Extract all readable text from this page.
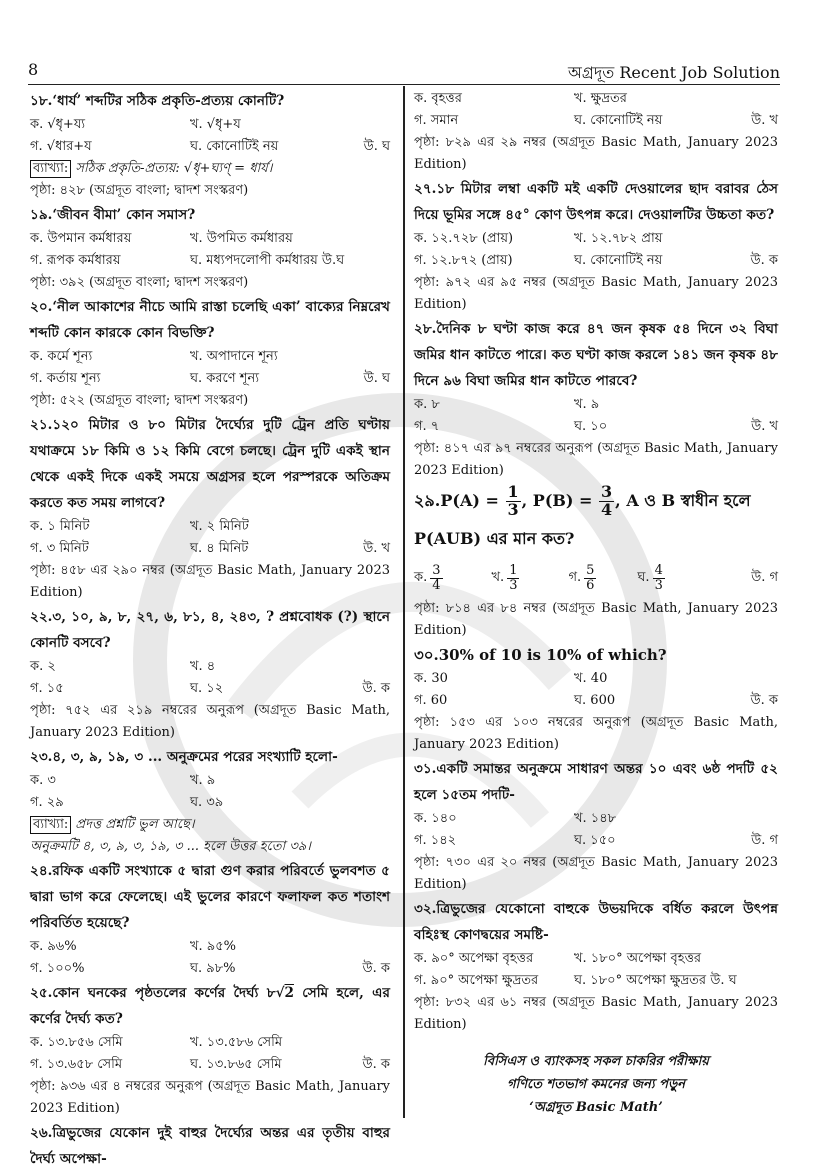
8	অগ্রদূত Recent Job Solution
১৮.‘ধার্য’ শব্দটির সঠিক প্রকৃতি-প্রত্যয় কোনটি?
ক. √ধৃ+য্য	খ. √ধৃ+য
গ. √ধার+য	ঘ. কোনোটিই নয়	উ. ঘ
ব্যাখ্যা: সঠিক প্রকৃতি-প্রত্যয়: √ধৃ+ঘ্যণ্ = ধার্য।
পৃষ্ঠা: ৪২৮ (অগ্রদূত বাংলা; দ্বাদশ সংস্করণ)
১৯.‘জীবন বীমা’ কোন সমাস?
ক. উপমান কর্মধারয়	খ. উপমিত কর্মধারয়
গ. রূপক কর্মধারয়	ঘ. মধ্যপদলোপী কর্মধারয় উ.ঘ
পৃষ্ঠা: ৩৯২ (অগ্রদূত বাংলা; দ্বাদশ সংস্করণ)
২০.‘নীল আকাশের নীচে আমি রাস্তা চলেছি একা’ বাক্যের নিম্নরেখ শব্দটি কোন কারকে কোন বিভক্তি?
ক. কর্মে শূন্য	খ. অপাদানে শূন্য
গ. কর্তায় শূন্য	ঘ. করণে শূন্য	উ. ঘ
পৃষ্ঠা: ৫২২ (অগ্রদূত বাংলা; দ্বাদশ সংস্করণ)
২১.১২০ মিটার ও ৮০ মিটার দৈর্ঘ্যের দুটি ট্রেন প্রতি ঘণ্টায় যথাক্রমে ১৮ কিমি ও ১২ কিমি বেগে চলছে। ট্রেন দুটি একই স্থান থেকে একই দিকে একই সময়ে অগ্রসর হলে পরস্পরকে অতিক্রম করতে কত সময় লাগবে?
ক. ১ মিনিট	খ. ২ মিনিট
গ. ৩ মিনিট	ঘ. ৪ মিনিট	উ. খ
পৃষ্ঠা: ৪৫৮ এর ২৯০ নম্বর (অগ্রদূত Basic Math, January 2023 Edition)
২২.৩, ১০, ৯, ৮, ২৭, ৬, ৮১, ৪, ২৪৩, ? প্রশ্নবোধক (?) স্থানে কোনটি বসবে?
ক. ২	খ. ৪
গ. ১৫	ঘ. ১২	উ. ক
পৃষ্ঠা: ৭৫২ এর ২১৯ নম্বরের অনুরূপ (অগ্রদূত Basic Math, January 2023 Edition)
২৩.৪, ৩, ৯, ১৯, ৩ ... অনুক্রমের পরের সংখ্যাটি হলো-
ক. ৩	খ. ৯
গ. ২৯	ঘ. ৩৯
ব্যাখ্যা: প্রদত্ত প্রশ্নটি ভুল আছে।
অনুক্রমটি ৪, ৩, ৯, ৩, ১৯, ৩ ... হলে উত্তর হতো ৩৯।
২৪.রফিক একটি সংখ্যাকে ৫ দ্বারা গুণ করার পরিবর্তে ভুলবশত ৫ দ্বারা ভাগ করে ফেলেছে। এই ভুলের কারণে ফলাফল কত শতাংশ পরিবর্তিত হয়েছে?
ক. ৯৬%	খ. ৯৫%
গ. ১০০%	ঘ. ৯৮%	উ. ক
২৫.কোন ঘনকের পৃষ্ঠতলের কর্ণের দৈর্ঘ্য ৮√2 সেমি হলে, এর কর্ণের দৈর্ঘ্য কত?
ক. ১৩.৮৫৬ সেমি	খ. ১৩.৫৮৬ সেমি
গ. ১৩.৬৫৮ সেমি	ঘ. ১৩.৮৬৫ সেমি	উ. ক
পৃষ্ঠা: ৯৩৬ এর ৪ নম্বরের অনুরূপ (অগ্রদূত Basic Math, January 2023 Edition)
২৬.ত্রিভুজের যেকোন দুই বাহুর দৈর্ঘ্যের অন্তর এর তৃতীয় বাহুর দৈর্ঘ্য অপেক্ষা-
ক. বৃহত্তর	খ. ক্ষুদ্রতর
গ. সমান	ঘ. কোনোটিই নয়	উ. খ
পৃষ্ঠা: ৮২৯ এর ২৯ নম্বর (অগ্রদূত Basic Math, January 2023 Edition)
২৭.১৮ মিটার লম্বা একটি মই একটি দেওয়ালের ছাদ বরাবর ঠেস দিয়ে ভূমির সঙ্গে ৪৫° কোণ উৎপন্ন করে। দেওয়ালটির উচ্চতা কত?
ক. ১২.৭২৮ (প্রায়)	খ. ১২.৭৮২ প্রায়
গ. ১২.৮৭২ (প্রায়)	ঘ. কোনোটিই নয়	উ. ক
পৃষ্ঠা: ৯৭২ এর ৯৫ নম্বর (অগ্রদূত Basic Math, January 2023 Edition)
২৮.দৈনিক ৮ ঘণ্টা কাজ করে ৪৭ জন কৃষক ৫৪ দিনে ৩২ বিঘা জমির ধান কাটতে পারে। কত ঘণ্টা কাজ করলে ১৪১ জন কৃষক ৪৮ দিনে ৯৬ বিঘা জমির ধান কাটতে পারবে?
ক. ৮	খ. ৯
গ. ৭	ঘ. ১০	উ. খ
পৃষ্ঠা: ৪১৭ এর ৯৭ নম্বরের অনুরূপ (অগ্রদূত Basic Math, January 2023 Edition)
২৯.P(A) = $\frac{1}{3}$ , $P(B) = \frac{3}{4}$ , A ও B স্বাধীন হলে
P(AUB) এর মান কত?
ক. $\frac{3}{4}$	খ. $\frac{1}{3}$	গ. $\frac{5}{6}$	ঘ. $\frac{4}{3}$	উ. গ
পৃষ্ঠা: ৮১৪ এর ৮৪ নম্বর (অগ্রদূত Basic Math, January 2023 Edition)
৩০.30% of 10 is 10% of which?
ক. 30	খ. 40
গ. 60	ঘ. 600	উ. ক
পৃষ্ঠা: ১৫৩ এর ১০৩ নম্বরের অনুরূপ (অগ্রদূত Basic Math, January 2023 Edition)
৩১.একটি সমান্তর অনুক্রমে সাধারণ অন্তর ১০ এবং ৬ষ্ঠ পদটি ৫২ হলে ১৫তম পদটি-
ক. ১৪০	খ. ১৪৮
গ. ১৪২	ঘ. ১৫০	উ. গ
পৃষ্ঠা: ৭৩০ এর ২০ নম্বর (অগ্রদূত Basic Math, January 2023 Edition)
৩২.ত্রিভুজের যেকোনো বাহুকে উভয়দিকে বর্ধিত করলে উৎপন্ন বহিঃস্থ কোণদ্বয়ের সমষ্টি-
ক. ৯০° অপেক্ষা বৃহত্তর	খ. ১৮০° অপেক্ষা বৃহত্তর
গ. ৯০° অপেক্ষা ক্ষুদ্রতর	ঘ. ১৮০° অপেক্ষা ক্ষুদ্রতর উ. ঘ
পৃষ্ঠা: ৮৩২ এর ৬১ নম্বর (অগ্রদূত Basic Math, January 2023 Edition)
বিসিএস ও ব্যাংকসহ সকল চাকরির পরীক্ষায়
গণিতে শতভাগ কমনের জন্য পড়ুন
‘অগ্রদূত Basic Math’
